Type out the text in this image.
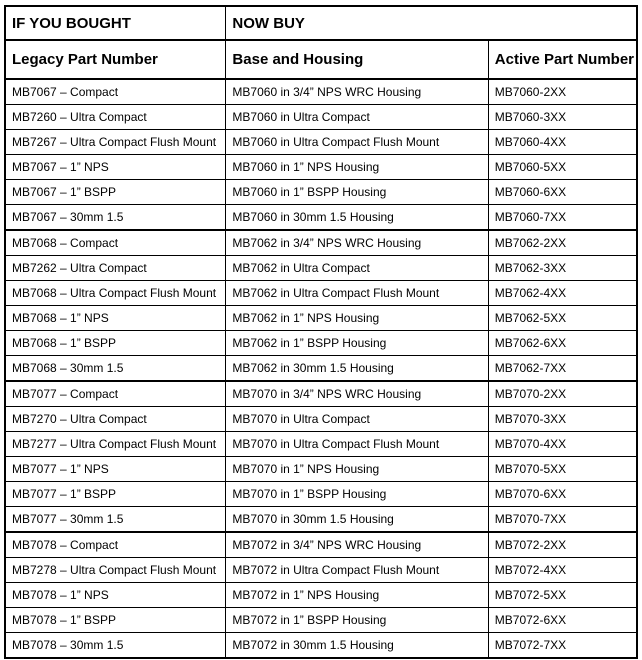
IF YOU BOUGHT	NOW BUY	
Legacy Part Number	Base and Housing	Active Part Number
MB7067 – Compact	MB7060 in 3/4” NPS WRC Housing	MB7060-2XX
MB7260 – Ultra Compact	MB7060 in Ultra Compact	MB7060-3XX
MB7267 – Ultra Compact Flush Mount	MB7060 in Ultra Compact Flush Mount	MB7060-4XX
MB7067 – 1” NPS	MB7060 in 1” NPS Housing	MB7060-5XX
MB7067 – 1” BSPP	MB7060 in 1” BSPP Housing	MB7060-6XX
MB7067 – 30mm 1.5	MB7060 in 30mm 1.5 Housing	MB7060-7XX
MB7068 – Compact	MB7062 in 3/4” NPS WRC Housing	MB7062-2XX
MB7262 – Ultra Compact	MB7062 in Ultra Compact	MB7062-3XX
MB7068 – Ultra Compact Flush Mount	MB7062 in Ultra Compact Flush Mount	MB7062-4XX
MB7068 – 1” NPS	MB7062 in 1” NPS Housing	MB7062-5XX
MB7068 – 1” BSPP	MB7062 in 1” BSPP Housing	MB7062-6XX
MB7068 – 30mm 1.5	MB7062 in 30mm 1.5 Housing	MB7062-7XX
MB7077 – Compact	MB7070 in 3/4” NPS WRC Housing	MB7070-2XX
MB7270 – Ultra Compact	MB7070 in Ultra Compact	MB7070-3XX
MB7277 – Ultra Compact Flush Mount	MB7070 in Ultra Compact Flush Mount	MB7070-4XX
MB7077 – 1” NPS	MB7070 in 1” NPS Housing	MB7070-5XX
MB7077 – 1” BSPP	MB7070 in 1” BSPP Housing	MB7070-6XX
MB7077 – 30mm 1.5	MB7070 in 30mm 1.5 Housing	MB7070-7XX
MB7078 – Compact	MB7072 in 3/4” NPS WRC Housing	MB7072-2XX
MB7278 – Ultra Compact Flush Mount	MB7072 in Ultra Compact Flush Mount	MB7072-4XX
MB7078 – 1” NPS	MB7072 in 1” NPS Housing	MB7072-5XX
MB7078 – 1” BSPP	MB7072 in 1” BSPP Housing	MB7072-6XX
MB7078 – 30mm 1.5	MB7072 in 30mm 1.5 Housing	MB7072-7XX
